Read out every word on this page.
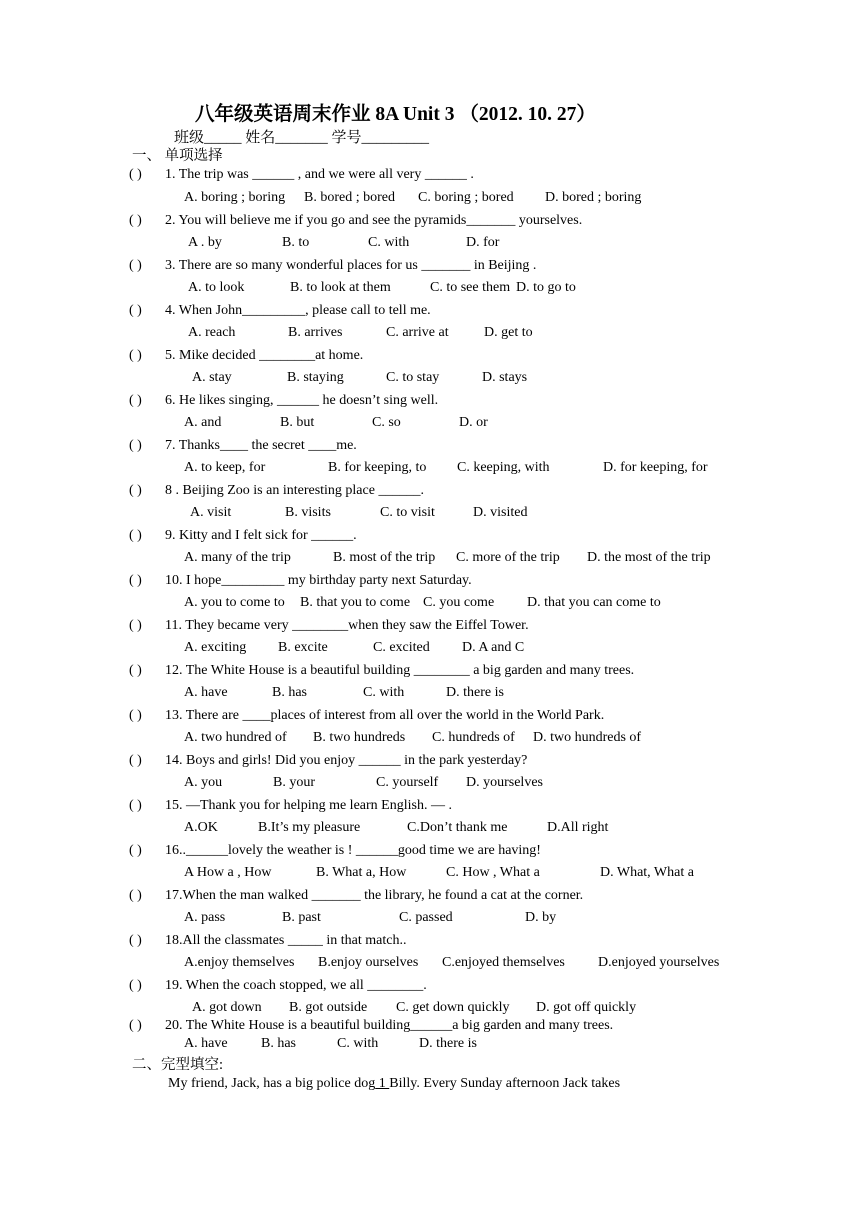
八年级英语周末作业 8A Unit 3 （2012. 10. 27）
班级_____ 姓名_______ 学号_________
一、 单项选择
( ) 1. The trip was ______ , and we were all very ______ .
A. boring ; boring B. bored ; bored C. boring ; bored D. bored ; boring
( ) 2. You will believe me if you go and see the pyramids_______ yourselves.
A . by	B. to	C. with	D. for
( ) 3. There are so many wonderful places for us _______ in Beijing .
A. to look	B. to look at them	C. to see them D. to go to
( ) 4. When John_________, please call to tell me.
A. reach	B. arrives	C. arrive at	D. get to
( ) 5. Mike decided ________at home.
A. stay	B. staying	C. to stay	D. stays
( ) 6. He likes singing, ______ he doesn’t sing well.
A. and	B. but	C. so	D. or
( ) 7. Thanks____ the secret ____me.
A. to keep, for	B. for keeping, to C. keeping, with	D. for keeping, for
( ) 8 . Beijing Zoo is an interesting place ______.
A. visit	B. visits	C. to visit	D. visited
( ) 9. Kitty and I felt sick for ______.
A. many of the trip	B. most of the trip C. more of the trip D. the most of the trip
( ) 10. I hope_________ my birthday party next Saturday.
A. you to come to B. that you to come C. you come D. that you can come to
( ) 11. They became very ________when they saw the Eiffel Tower.
A. exciting B. excite	C. excited D. A and C
( ) 12. The White House is a beautiful building ________ a big garden and many trees.
A. have	B. has	C. with	D. there is
( ) 13. There are ____places of interest from all over the world in the World Park.
A. two hundred of B. two hundreds C. hundreds of D. two hundreds of
( ) 14. Boys and girls! Did you enjoy ______ in the park yesterday?
A. you	B. your	C. yourself D. yourselves
( ) 15. —Thank you for helping me learn English. — .
A.OK	B.It’s my pleasure	C.Don’t thank me	D.All right
( ) 16..______lovely the weather is ! ______good time we are having!
A How a , How	B. What a, How	C. How , What a	D. What, What a
( ) 17.When the man walked _______ the library, he found a cat at the corner.
A. pass	B. past	C. passed	D. by
( ) 18.All the classmates _____ in that match..
A.enjoy themselves B.enjoy ourselves C.enjoyed themselves D.enjoyed yourselves
( ) 19. When the coach stopped, we all ________.
A. got down B. got outside C. get down quickly D. got off quickly
( ) 20. The White House is a beautiful building______a big garden and many trees.
A. have B. has	C. with	D. there is
二、完型填空:
My friend, Jack, has a big police dog 1 Billy. Every Sunday afternoon Jack takes
